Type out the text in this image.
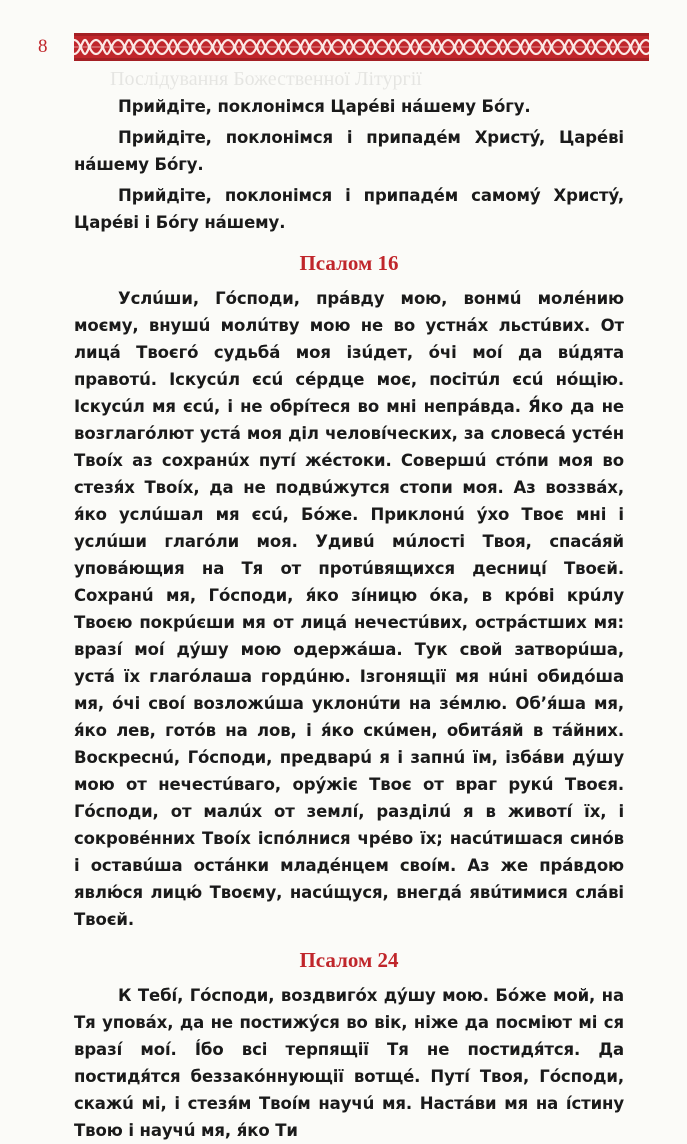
8
Послідування Божественної Літургії

Прийдіте, поклонімся Царéві нáшему Бóгу.

Прийдіте, поклонімся і припадéм Христý, Царéві нáшему Бóгу.

Прийдіте, поклонімся і припадéм самомý Христý, Царéві і Бóгу нáшему.

Псалом 16

Услúши, Гóсподи, прáвду мою, вонмú молéнию моєму, внушú молúтву мою не во устнáх льстúвих. От лицá Твоєгó судьбá моя ізúдет, óчі моí да вúдята правотú. Іскусúл єсú сéрдце моє, посітúл єсú нóщію. Іскусúл мя єсú, і не обрíтеся во мні непрáвда. Я́ко да не возглагóлют устá моя діл человíческих, за словесá устéн Твоíх аз сохранúх путí жéстоки. Совершú стóпи моя во стезя́х Твоíх, да не подвúжутся стопи моя. Аз воззвáх, я́ко услúшал мя єсú, Бóже. Приклонú ýхо Твоє мні і услúши глагóли моя. Удивú мúлості Твоя, спасáяй уповáющия на Тя от протúвящихся десницí Твоєй. Сохранú мя, Гóсподи, я́ко зíницю óка, в крóві крúлу Твоєю покрúєши мя от лицá нечестúвих, острáстших мя: вразí моí дýшу мою одержáша. Тук свой затворúша, устá їх глагóлаша гордúню. Ізгонящії мя нúні обидóша мя, óчі своí возложúша уклонúти на зéмлю. Об’я́ша мя, я́ко лев, готóв на лов, і я́ко скúмен, обитáяй в тáйних. Воскреснú, Гóсподи, предварú я і запнú їм, ізбáви дýшу мою от нечестúваго, орýжіє Твоє от враг рукú Твоєя. Гóсподи, от малúх от землí, разділú я в животí їх, і сокровéнних Твоíх іспóлнися чрéво їх; насúтишася синóв і оставúша остáнки младéнцем своíм. Аз же прáвдою явлю́ся лицю́ Твоєму, насúщуся, внегдá явúтимися слáві Твоєй.

Псалом 24

К Тебí, Гóсподи, воздвигóх дýшу мою. Бóже мой, на Тя уповáх, да не постижýся во вік, ніже да посміют мі ся вразí моí. Íбо всі терпящії Тя не постидя́тся. Да постидя́тся беззакóннующії вотщé. Путí Твоя, Гóсподи, скажú мі, і стезя́м Твоíм научú мя. Настáви мя на íстину Твою і научú мя, я́ко Ти
